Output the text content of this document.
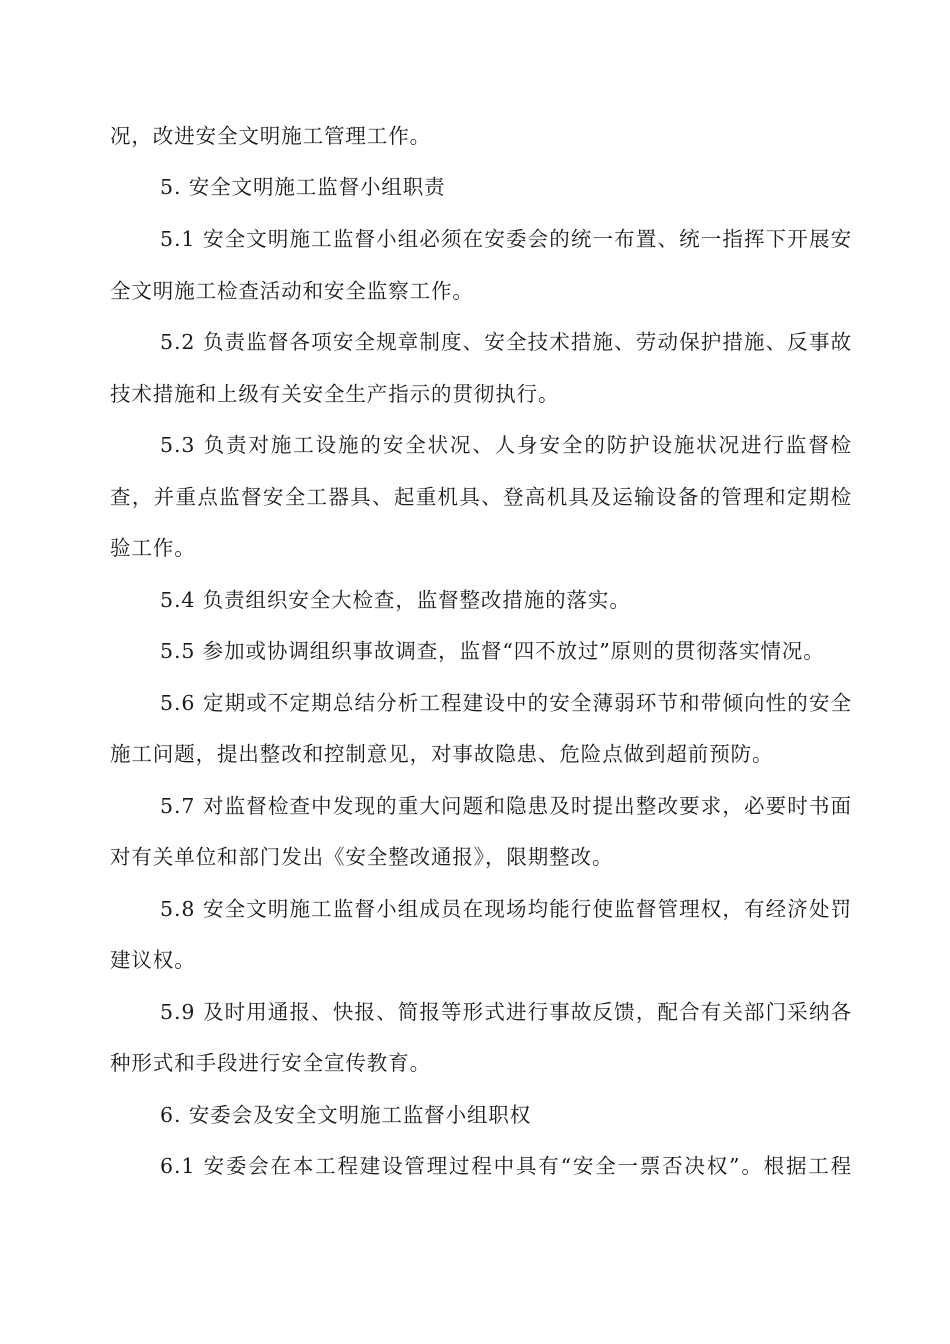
况，改进安全文明施工管理工作。
5. 安全文明施工监督小组职责
5.1 安全文明施工监督小组必须在安委会的统一布置、统一指挥下开展安
全文明施工检查活动和安全监察工作。
5.2 负责监督各项安全规章制度、安全技术措施、劳动保护措施、反事故
技术措施和上级有关安全生产指示的贯彻执行。
5.3 负责对施工设施的安全状况、人身安全的防护设施状况进行监督检
查，并重点监督安全工器具、起重机具、登高机具及运输设备的管理和定期检
验工作。
5.4 负责组织安全大检查，监督整改措施的落实。
5.5 参加或协调组织事故调查，监督“四不放过”原则的贯彻落实情况。
5.6 定期或不定期总结分析工程建设中的安全薄弱环节和带倾向性的安全
施工问题，提出整改和控制意见，对事故隐患、危险点做到超前预防。
5.7 对监督检查中发现的重大问题和隐患及时提出整改要求，必要时书面
对有关单位和部门发出《安全整改通报》，限期整改。
5.8 安全文明施工监督小组成员在现场均能行使监督管理权，有经济处罚
建议权。
5.9 及时用通报、快报、简报等形式进行事故反馈，配合有关部门采纳各
种形式和手段进行安全宣传教育。
6. 安委会及安全文明施工监督小组职权
6.1 安委会在本工程建设管理过程中具有“安全一票否决权”。根据工程
